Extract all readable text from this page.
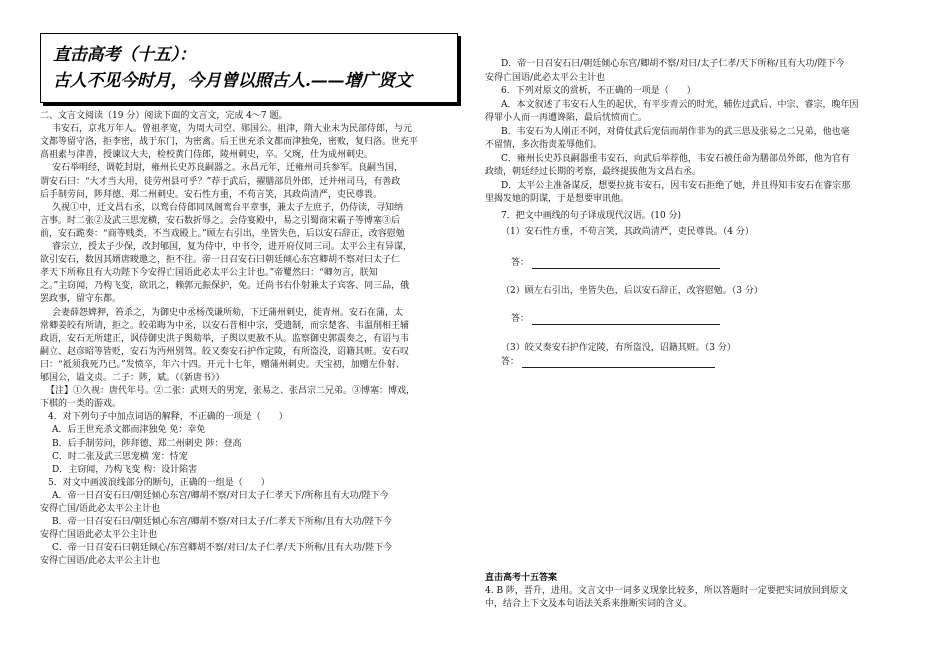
直击高考（十五）：
古人不见今时月，今月曾以照古人.——增广贤文
二、文言文阅读（19 分）阅读下面的文言文，完成 4～7 题。
韦安石，京兆万年人。曾祖孝宽，为周大司空、郧国公。祖津，隋大业末为民部侍郎，与元
文都等留守洛，拒李密，战于东门，为密禽。后王世充杀文都而津独免，密败，复归洛。世充平
高祖素与津善，授谏议大夫，检校黄门侍郎，陵州刺史，卒。父琬，仕为成州刺史。
安石举明经，调乾封尉，雍州长史苏良嗣器之。永昌元年，迁雍州司兵参军。良嗣当国，
谓安石曰：“大才当大用，徒劳州县可乎？”荐于武后，擢膳部员外郎，迁并州司马，有善政
后手制劳问，陟拜德、郑二州刺史。安石性方重，不苟言笑，其政尚清严，吏民尊畏。
久视①中，迁文昌右丞，以鸾台侍郎同凤阁鸾台平章事，兼太子左庶子，仍侍读，寻知纳
言事。时二张②及武三思宠横，安石数折辱之。会侍宴殿中，易之引蜀商宋霸子等博塞③后
前，安石跪奏：“商等贱类，不当戏殿上。”顾左右引出，坐皆失色，后以安石辞正，改容慰勉
睿宗立，授太子少保，改封郇国，复为侍中，中书令，进开府仪同三司。太平公主有异谋，
欲引安石，数因其婿唐晙邀之，拒不往。帝一日召安石曰朝廷倾心东宫卿胡不察对曰太子仁
孝天下所称且有大功陛下今安得亡国语此必太平公主计也。”帝矍然曰：“卿勿言，朕知
之。”主窃闻，乃构飞变，欲讯之，赖郭元振保护，免。迁尚书右仆射兼太子宾客、同三品，俄
罢政事，留守东都。
会妻薛怨婢狎，笞杀之，为御史中丞杨茂谦所劾，下迁蒲州刺史，徙青州。安石在蒲，太
常卿姜皎有所请，拒之。皎弟晦为中丞，以安石昔相中宗，受遗制，而宗楚客、韦温削相王辅
政语，安石无所建正，讽侍御史洪子舆劾举，子舆以更赦不从。监察御史郭震奏之，有诏与韦
嗣立、赵彦昭等皆贬，安石为沔州别驾。皎又奏安石护作定陵，有所盗没，诏籍其赃。安石叹
曰：“祗须我死乃已。”发愤卒，年六十四。开元十七年，赠蒲州刺史。天宝初，加赠左仆射、
郇国公，谥文贞。二子：陟，斌。（《新唐书》）
【注】①久视：唐代年号。②二张：武则天的男宠，张易之、张昌宗二兄弟。③博塞：博戏，
下棋的一类的游戏。
4．对下列句子中加点词语的解释，不正确的一项是（　　）
A．后王世充杀文都而津独免 免：幸免
B．后手制劳问，陟拜德、郑二州刺史 陟：登高
C．时二张及武三思宠横 宠：恃宠
D．主窃闻，乃构飞变 构：设计陷害
5．对文中画波浪线部分的断句，正确的一组是（　　）
A．帝一日召安石曰/朝廷倾心东宫/卿胡不察/对曰太子仁孝天下/所称且有大功/陛下今
安得亡国/语此必太平公主计也
B．帝一日召安石曰/朝廷倾心东宫/卿胡不察/对曰太子/仁孝天下所称/且有大功/陛下今
安得亡国语此必太平公主计也
C．帝一日召安石曰朝廷倾心/东宫卿胡不察/对曰/太子仁孝/天下所称/且有大功/陛下今
安得亡国语/此必太平公主计也
D．帝一日召安石曰/朝廷倾心东宫/卿胡不察/对曰/太子仁孝/天下所称/且有大功/陛下今
安得亡国语/此必太平公主计也
6．下列对原文的赏析，不正确的一项是（　　）
A．本文叙述了韦安石人生的起伏，有平步青云的时光，辅佐过武后、中宗、睿宗，晚年因
得罪小人而一再遭谗陷，最后忧愤而亡。
B．韦安石为人刚正不阿，对倚仗武后宠信而胡作非为的武三思及张易之二兄弟，他也毫
不留情，多次指责羞辱他们。
C．雍州长史苏良嗣器重韦安石，向武后举荐他，韦安石被任命为膳部员外郎，他为官有
政绩，朝廷经过长期的考察，最终提拔他为文昌右丞。
D．太平公主准备谋反，想要拉拢韦安石，因韦安石拒绝了她，并且得知韦安石在睿宗那
里揭发她的阴谋，于是想要审讯他。
7．把文中画线的句子译成现代汉语。(10 分)
（1）安石性方重，不苟言笑，其政尚清严，吏民尊畏。（4 分）
答：
（2）顾左右引出，坐皆失色，后以安石辞正，改容慰勉。（3 分）
答：
（3）皎又奏安石护作定陵，有所盗没，诏籍其赃。（3 分）
答：
直击高考十五答案
4. B 陟，晋升，进用。文言文中一词多义现象比较多，所以答题时一定要把实词放回到原文
中，结合上下文及本句语法关系来推断实词的含义。
